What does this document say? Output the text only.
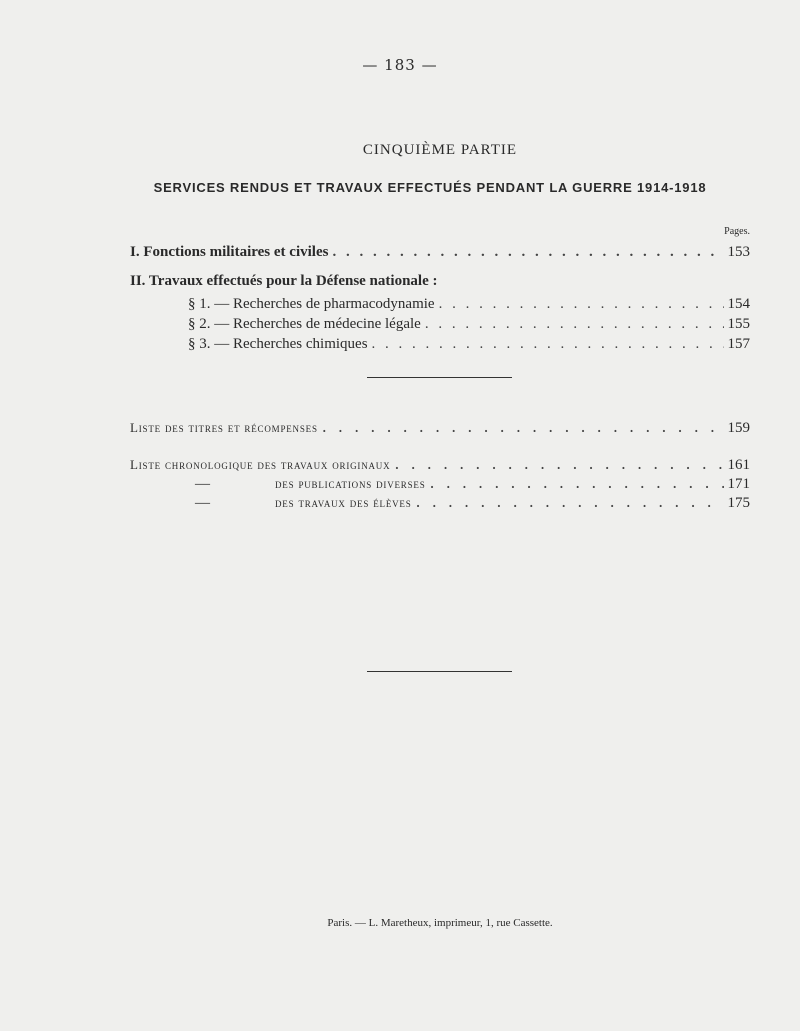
— 183 —
CINQUIÈME PARTIE
SERVICES RENDUS ET TRAVAUX EFFECTUÉS PENDANT LA GUERRE 1914-1918
Pages.
I. Fonctions militaires et civiles . . .	153
II. Travaux effectués pour la Défense nationale :
§ 1. — Recherches de pharmacodynamie . . .	154
§ 2. — Recherches de médecine légale . . .	155
§ 3. — Recherches chimiques . . .	157
Liste des titres et récompenses . . .	159
Liste chronologique des travaux originaux . . .	161
—	des publications diverses . . .	171
—	des travaux des élèves . . .	175
Paris. — L. Maretheux, imprimeur, 1, rue Cassette.
